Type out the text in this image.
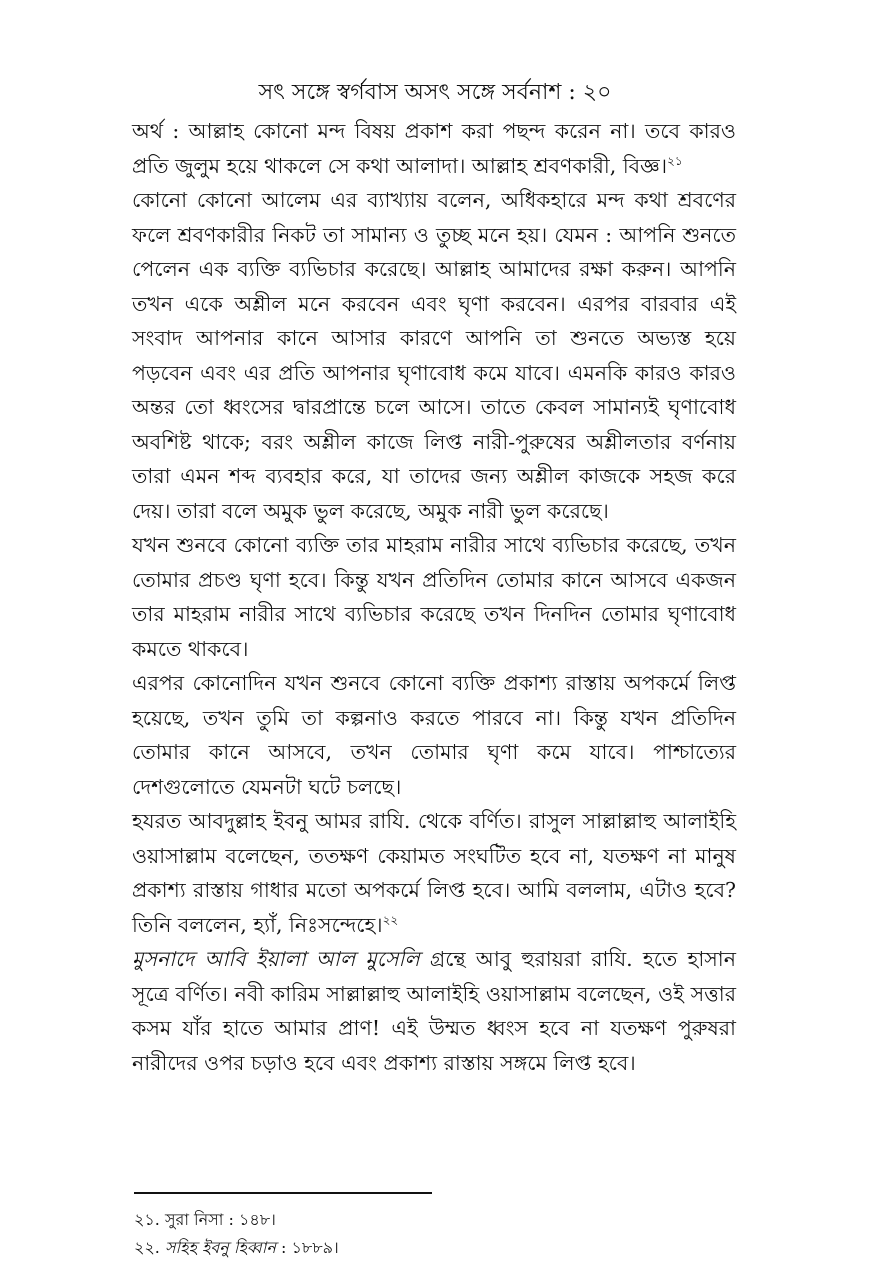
সৎ সঙ্গে স্বর্গবাস অসৎ সঙ্গে সর্বনাশ : ২০

অর্থ : আল্লাহ কোনো মন্দ বিষয় প্রকাশ করা পছন্দ করেন না। তবে কারও প্রতি জুলুম হয়ে থাকলে সে কথা আলাদা। আল্লাহ শ্রবণকারী, বিজ্ঞ।$^{২১}$

কোনো কোনো আলেম এর ব্যাখ্যায় বলেন, অধিকহারে মন্দ কথা শ্রবণের ফলে শ্রবণকারীর নিকট তা সামান্য ও তুচ্ছ মনে হয়। যেমন : আপনি শুনতে পেলেন এক ব্যক্তি ব্যভিচার করেছে। আল্লাহ আমাদের রক্ষা করুন। আপনি তখন একে অশ্লীল মনে করবেন এবং ঘৃণা করবেন। এরপর বারবার এই সংবাদ আপনার কানে আসার কারণে আপনি তা শুনতে অভ্যস্ত হয়ে পড়বেন এবং এর প্রতি আপনার ঘৃণাবোধ কমে যাবে। এমনকি কারও কারও অন্তর তো ধ্বংসের দ্বারপ্রান্তে চলে আসে। তাতে কেবল সামান্যই ঘৃণাবোধ অবশিষ্ট থাকে; বরং অশ্লীল কাজে লিপ্ত নারী-পুরুষের অশ্লীলতার বর্ণনায় তারা এমন শব্দ ব্যবহার করে, যা তাদের জন্য অশ্লীল কাজকে সহজ করে দেয়। তারা বলে অমুক ভুল করেছে, অমুক নারী ভুল করেছে।

যখন শুনবে কোনো ব্যক্তি তার মাহরাম নারীর সাথে ব্যভিচার করেছে, তখন তোমার প্রচণ্ড ঘৃণা হবে। কিন্তু যখন প্রতিদিন তোমার কানে আসবে একজন তার মাহরাম নারীর সাথে ব্যভিচার করেছে তখন দিনদিন তোমার ঘৃণাবোধ কমতে থাকবে।

এরপর কোনোদিন যখন শুনবে কোনো ব্যক্তি প্রকাশ্য রাস্তায় অপকর্মে লিপ্ত হয়েছে, তখন তুমি তা কল্পনাও করতে পারবে না। কিন্তু যখন প্রতিদিন তোমার কানে আসবে, তখন তোমার ঘৃণা কমে যাবে। পাশ্চাত্যের দেশগুলোতে যেমনটা ঘটে চলছে।

হযরত আবদুল্লাহ ইবনু আমর রাযি. থেকে বর্ণিত। রাসুল সাল্লাল্লাহু আলাইহি ওয়াসাল্লাম বলেছেন, ততক্ষণ কেয়ামত সংঘটিত হবে না, যতক্ষণ না মানুষ প্রকাশ্য রাস্তায় গাধার মতো অপকর্মে লিপ্ত হবে। আমি বললাম, এটাও হবে? তিনি বললেন, হ্যাঁ, নিঃসন্দেহে।$^{২২}$

মুসনাদে আবি ইয়ালা আল মুসেলি গ্রন্থে আবু হুরায়রা রাযি. হতে হাসান সূত্রে বর্ণিত। নবী কারিম সাল্লাল্লাহু আলাইহি ওয়াসাল্লাম বলেছেন, ওই সত্তার কসম যাঁর হাতে আমার প্রাণ! এই উম্মত ধ্বংস হবে না যতক্ষণ পুরুষরা নারীদের ওপর চড়াও হবে এবং প্রকাশ্য রাস্তায় সঙ্গমে লিপ্ত হবে।

২১. সুরা নিসা : ১৪৮।

২২. সহিহ ইবনু হিব্বান : ১৮৮৯।
